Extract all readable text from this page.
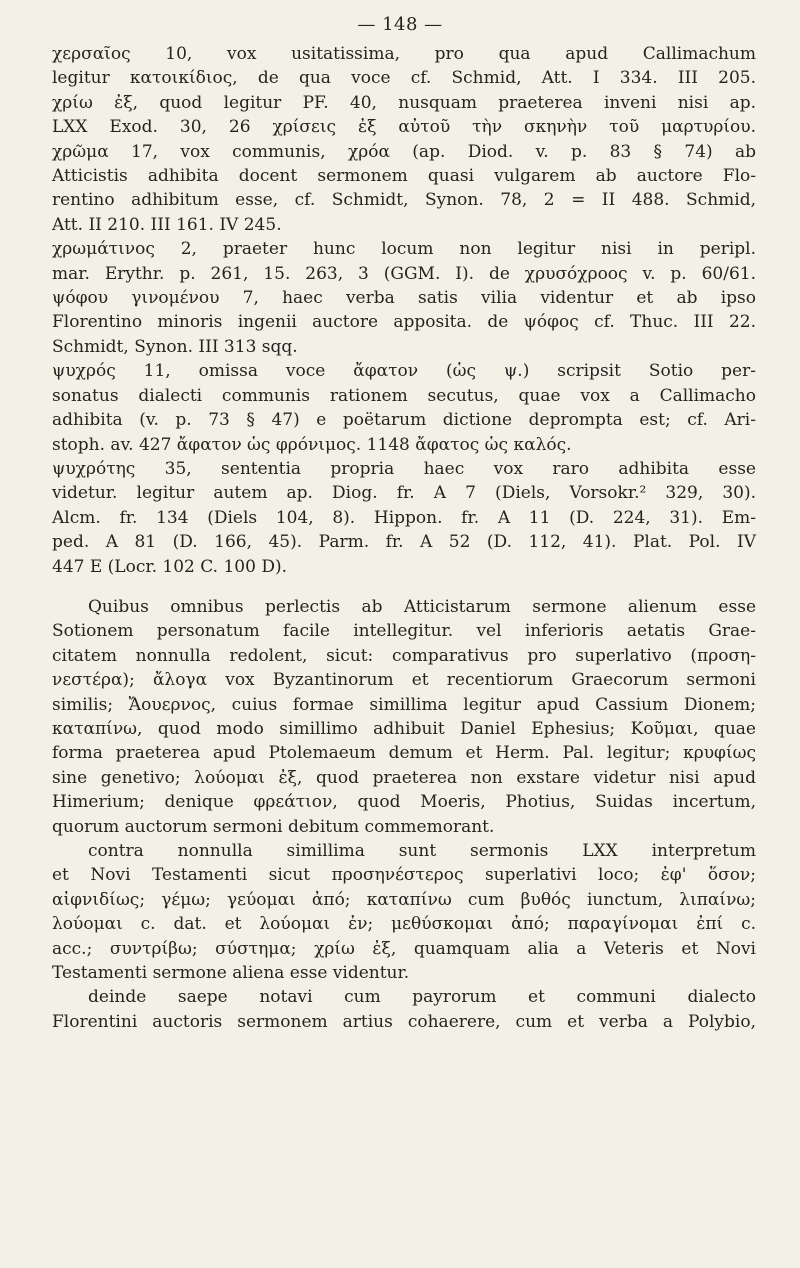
— 148 —
χερσαῖος 10, vox usitatissima, pro qua apud Callimachum
legitur κατοικίδιος, de qua voce cf. Schmid, Att. I 334. III 205.
χρίω ἐξ, quod legitur PF. 40, nusquam praeterea inveni nisi ap.
LXX Exod. 30, 26 χρίσεις ἐξ αὐτοῦ τὴν σκηνὴν τοῦ μαρτυρίου.
χρῶμα 17, vox communis, χρόα (ap. Diod. v. p. 83 § 74) ab
Atticistis adhibita docent sermonem quasi vulgarem ab auctore Flo-
rentino adhibitum esse, cf. Schmidt, Synon. 78, 2 = II 488. Schmid,
Att. II 210. III 161. IV 245.
χρωμάτινος 2, praeter hunc locum non legitur nisi in peripl.
mar. Erythr. p. 261, 15. 263, 3 (GGM. I). de χρυσόχροος v. p. 60/61.
ψόφου γινομένου 7, haec verba satis vilia videntur et ab ipso
Florentino minoris ingenii auctore apposita. de ψόφος cf. Thuc. III 22.
Schmidt, Synon. III 313 sqq.
ψυχρός 11, omissa voce ἄφατον (ὡς ψ.) scripsit Sotio per-
sonatus dialecti communis rationem secutus, quae vox a Callimacho
adhibita (v. p. 73 § 47) e poëtarum dictione deprompta est; cf. Ari-
stoph. av. 427 ἄφατον ὡς φρόνιμος. 1148 ἄφατος ὡς καλός.
ψυχρότης 35, sententia propria haec vox raro adhibita esse
videtur. legitur autem ap. Diog. fr. A 7 (Diels, Vorsokr.² 329, 30).
Alcm. fr. 134 (Diels 104, 8). Hippon. fr. A 11 (D. 224, 31). Em-
ped. A 81 (D. 166, 45). Parm. fr. A 52 (D. 112, 41). Plat. Pol. IV
447 E (Locr. 102 C. 100 D).
Quibus omnibus perlectis ab Atticistarum sermone alienum esse
Sotionem personatum facile intellegitur. vel inferioris aetatis Grae-
citatem nonnulla redolent, sicut: comparativus pro superlativo (πρoση-
νεστέρα); ἄλογα vox Byzantinorum et recentiorum Graecorum sermoni
similis; Ἄουερνος, cuius formae simillima legitur apud Cassium Dionem;
καταπίνω, quod modo simillimo adhibuit Daniel Ephesius; Κοῦμαι, quae
forma praeterea apud Ptolemaeum demum et Herm. Pal. legitur; κρυφίως
sine genetivo; λούομαι ἐξ, quod praeterea non exstare videtur nisi apud
Himerium; denique φρεάτιον, quod Moeris, Photius, Suidas incertum,
quorum auctorum sermoni debitum commemorant.
contra nonnulla simillima sunt sermonis LXX interpretum
et Novi Testamenti sicut προσηνέστερος superlativi loco; ἐφ' ὅσον;
αἰφνιδίως; γέμω; γεύομαι ἀπό; καταπίνω cum βυθός iunctum, λιπαίνω;
λούομαι c. dat. et λούομαι ἐν; μεθύσκομαι ἀπό; παραγίνομαι ἐπί c.
acc.; συντρίβω; σύστημα; χρίω ἐξ, quamquam alia a Veteris et Novi
Testamenti sermone aliena esse videntur.
deinde saepe notavi cum payrorum et communi dialecto
Florentini auctoris sermonem artius cohaerere, cum et verba a Polybio,
